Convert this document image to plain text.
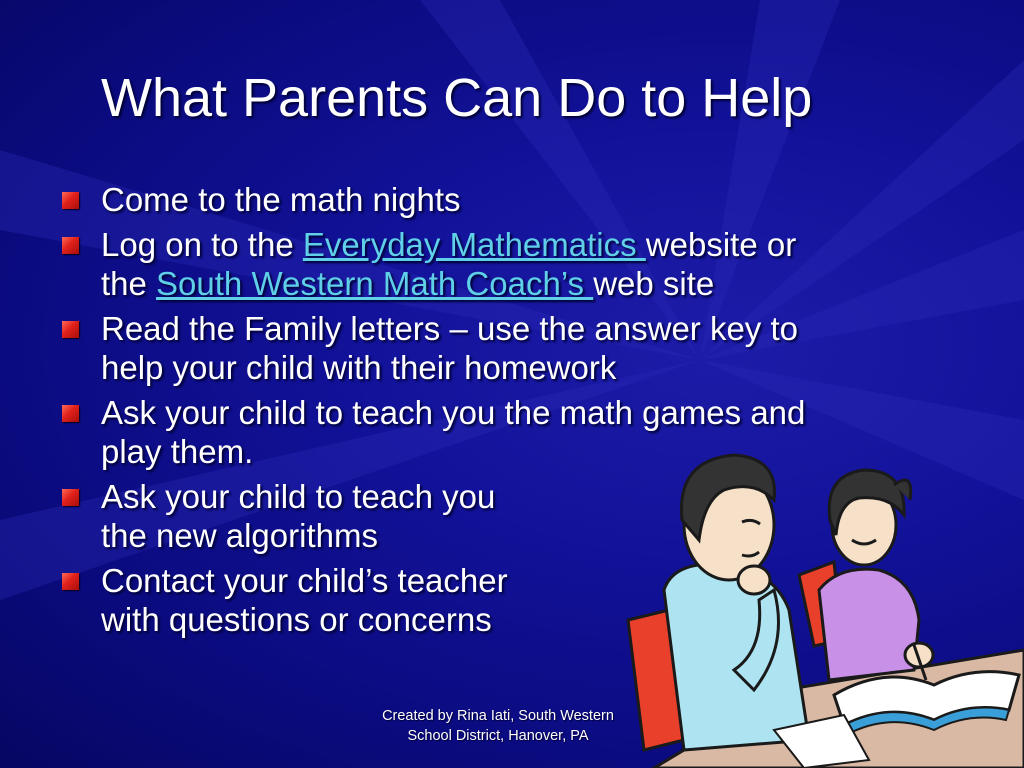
What Parents Can Do to Help
Come to the math nights
Log on to the Everyday Mathematics website or
the South Western Math Coach’s web site
Read the Family letters – use the answer key to
help your child with their homework
Ask your child to teach you the math games and
play them.
Ask your child to teach you
the new algorithms
Contact your child’s teacher
with questions or concerns
Created by Rina Iati, South Western
School District, Hanover, PA
